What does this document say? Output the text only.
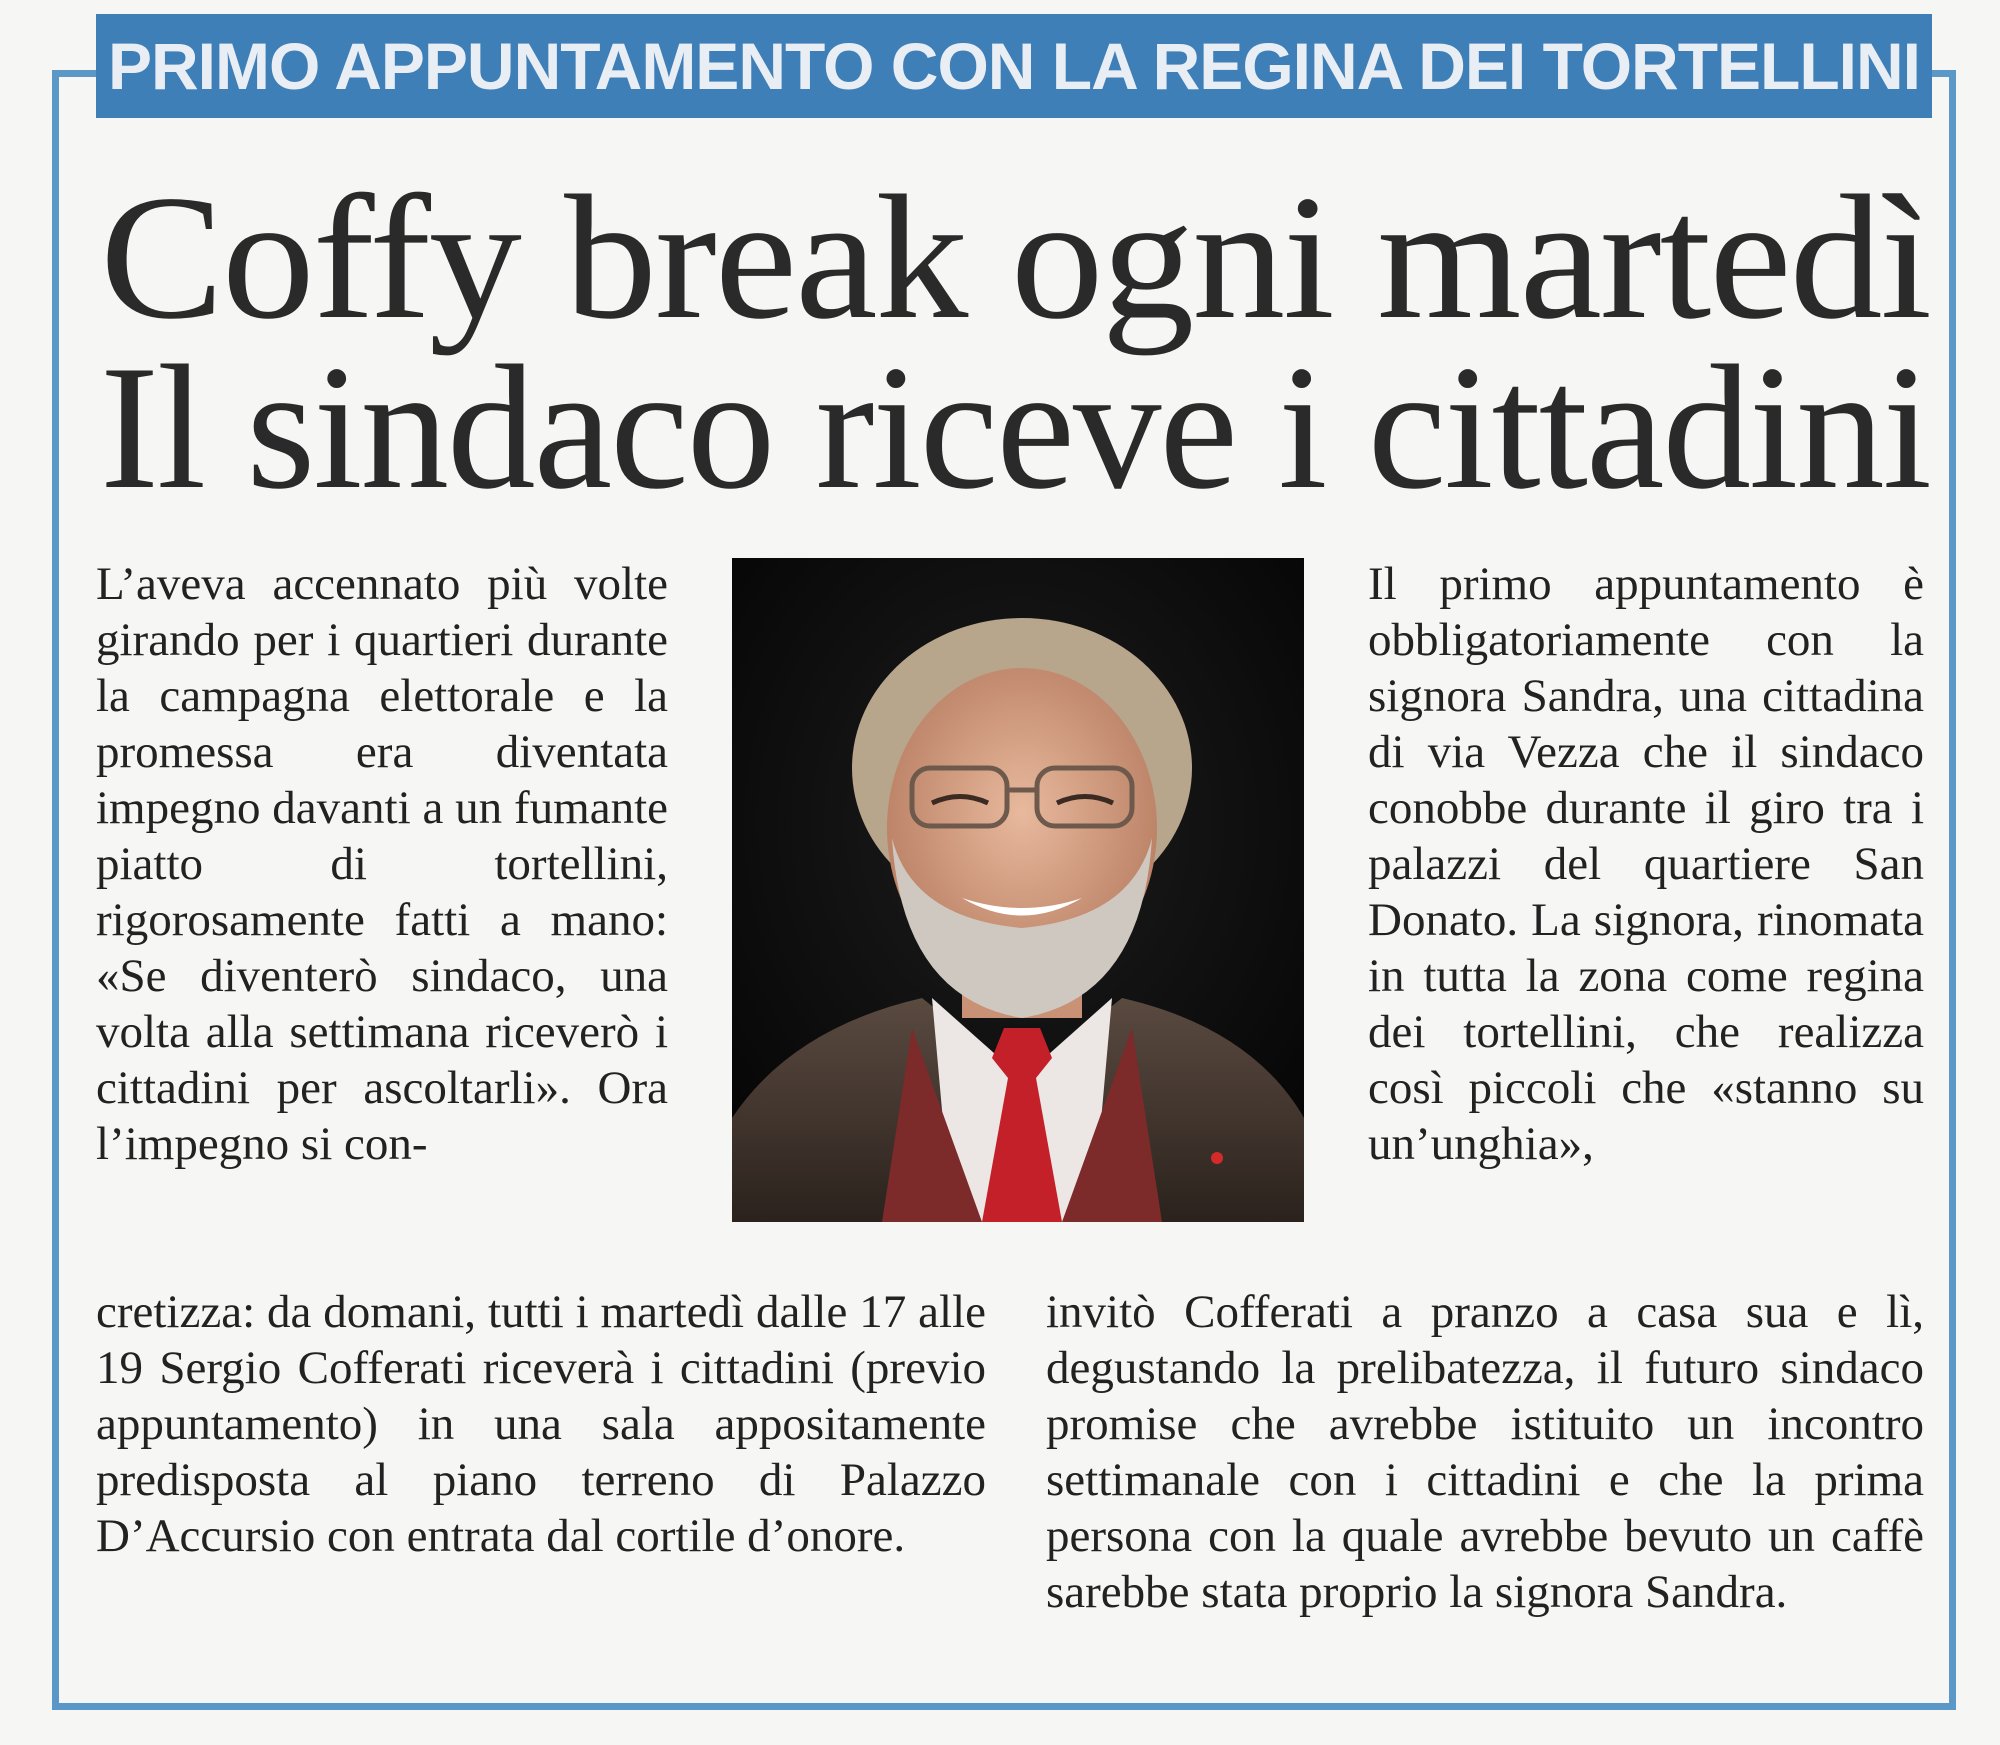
PRIMO APPUNTAMENTO CON LA REGINA DEI TORTELLINI
Coffy break ogni martedì
Il sindaco riceve i cittadini
L’aveva accennato più volte girando per i quartieri durante la campagna elettorale e la promessa era diventata impegno davanti a un fumante piatto di tortellini, rigorosamente fatti a mano: «Se diventerò sindaco, una volta alla settimana riceverò i cittadini per ascoltarli». Ora l’impegno si con-
Il primo appuntamento è obbligatoriamente con la signora Sandra, una cittadina di via Vezza che il sindaco conobbe durante il giro tra i palazzi del quartiere San Donato. La signora, rinomata in tutta la zona come regina dei tortellini, che realizza così piccoli che «stanno su un’unghia»,
cretizza: da domani, tutti i martedì dalle 17 alle 19 Sergio Cofferati riceverà i cittadini (previo appuntamento) in una sala appositamente predisposta al piano terreno di Palazzo D’Accursio con entrata dal cortile d’onore.
invitò Cofferati a pranzo a casa sua e lì, degustando la prelibatezza, il futuro sindaco promise che avrebbe istituito un incontro settimanale con i cittadini e che la prima persona con la quale avrebbe bevuto un caffè sarebbe stata proprio la signora Sandra.
